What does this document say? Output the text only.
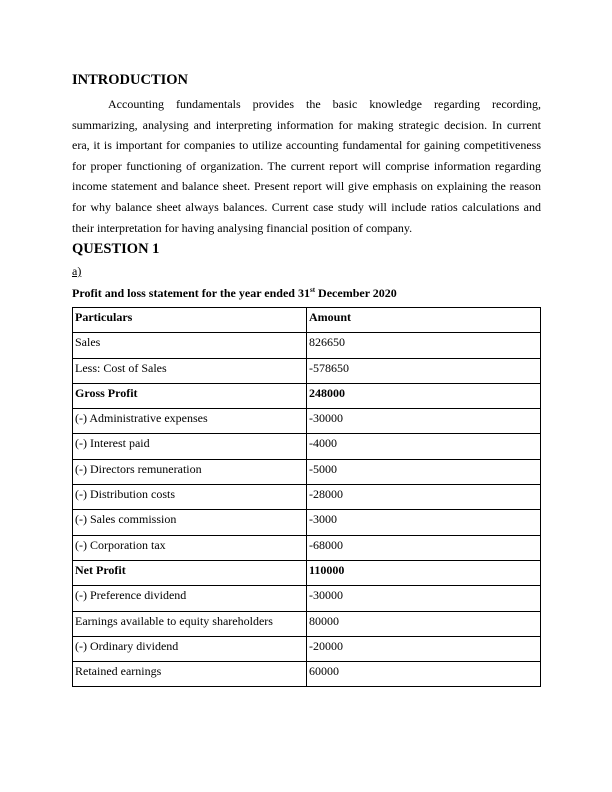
INTRODUCTION

Accounting fundamentals provides the basic knowledge regarding recording, summarizing, analysing and interpreting information for making strategic decision. In current era, it is important for companies to utilize accounting fundamental for gaining competitiveness for proper functioning of organization. The current report will comprise information regarding income statement and balance sheet. Present report will give emphasis on explaining the reason for why balance sheet always balances. Current case study will include ratios calculations and their interpretation for having analysing financial position of company.

QUESTION 1
a)
Profit and loss statement for the year ended 31st December 2020
Particulars	Amount
Sales	826650
Less: Cost of Sales	-578650
Gross Profit	248000
(-) Administrative expenses	-30000
(-) Interest paid	-4000
(-) Directors remuneration	-5000
(-) Distribution costs	-28000
(-) Sales commission	-3000
(-) Corporation tax	-68000
Net Profit	110000
(-) Preference dividend	-30000
Earnings available to equity shareholders	80000
(-) Ordinary dividend	-20000
Retained earnings	60000
